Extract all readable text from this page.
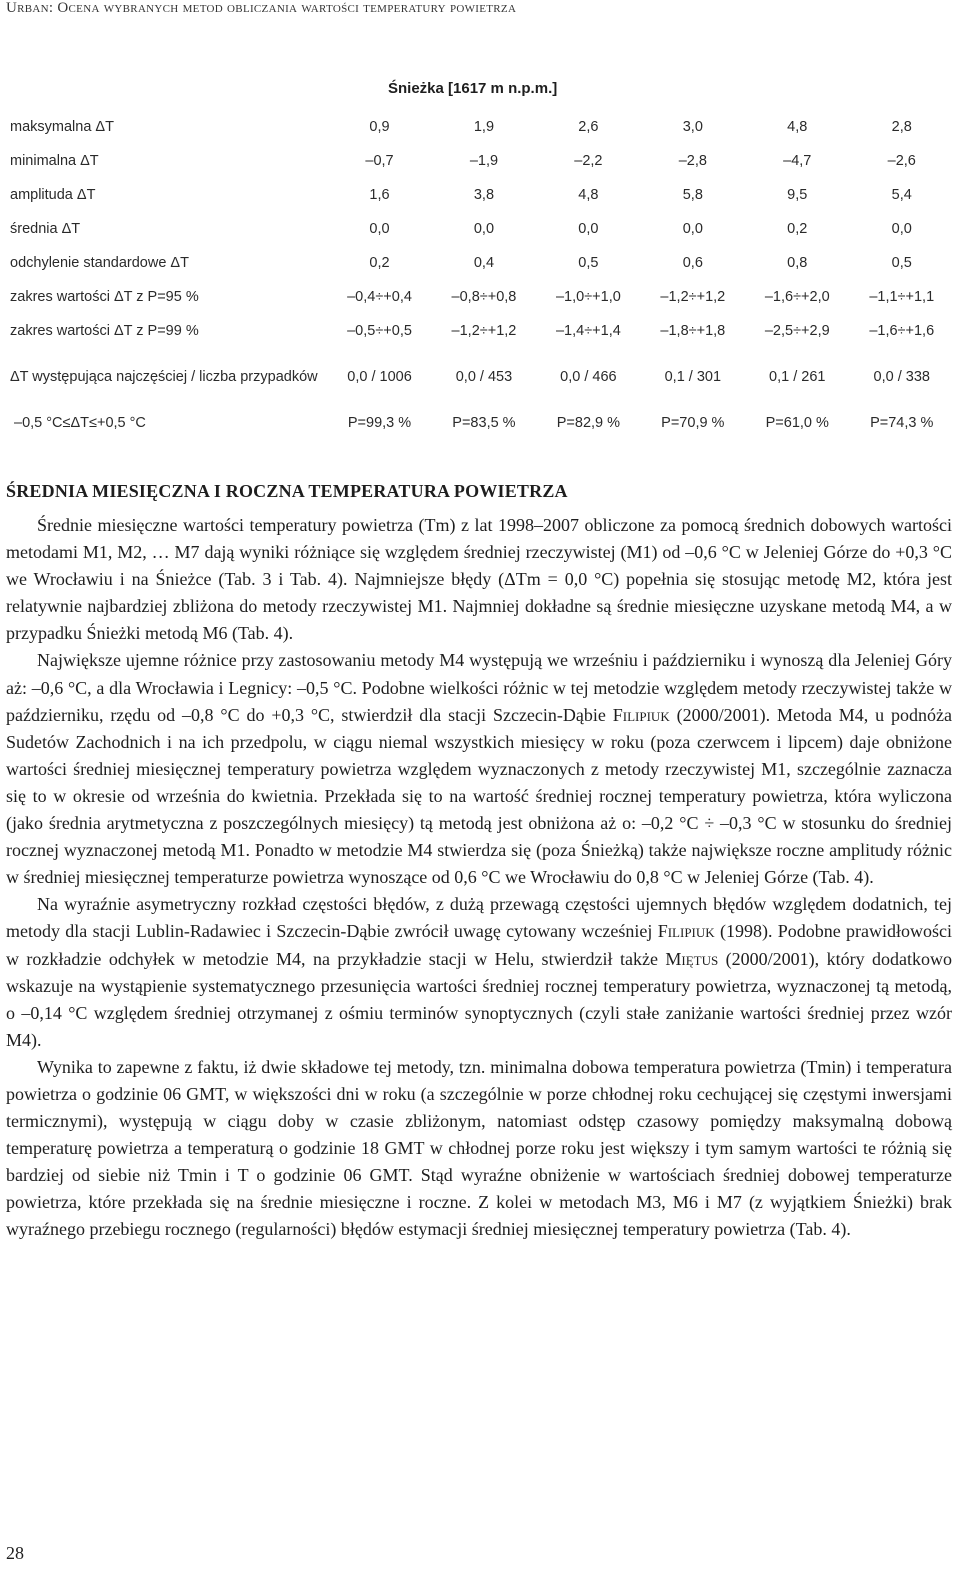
Urban: Ocena wybranych metod obliczania wartości temperatury powietrza
Śnieżka [1617 m n.p.m.]
maksymalna ΔT	0,9	1,9	2,6	3,0	4,8	2,8
minimalna ΔT	–0,7	–1,9	–2,2	–2,8	–4,7	–2,6
amplituda ΔT	1,6	3,8	4,8	5,8	9,5	5,4
średnia ΔT	0,0	0,0	0,0	0,0	0,2	0,0
odchylenie standardowe ΔT	0,2	0,4	0,5	0,6	0,8	0,5
zakres wartości ΔT z P=95 %	–0,4÷+0,4	–0,8÷+0,8	–1,0÷+1,0	–1,2÷+1,2	–1,6÷+2,0	–1,1÷+1,1
zakres wartości ΔT z P=99 %	–0,5÷+0,5	–1,2÷+1,2	–1,4÷+1,4	–1,8÷+1,8	–2,5÷+2,9	–1,6÷+1,6
ΔT występująca najczęściej / liczba przypadków	0,0 / 1006	0,0 / 453	0,0 / 466	0,1 / 301	0,1 / 261	0,0 / 338
–0,5 °C≤ΔT≤+0,5 °C	P=99,3 %	P=83,5 %	P=82,9 %	P=70,9 %	P=61,0 %	P=74,3 %
ŚREDNIA MIESIĘCZNA I ROCZNA TEMPERATURA POWIETRZA

Średnie miesięczne wartości temperatury powietrza (Tm) z lat 1998–2007 obliczone za pomocą średnich dobowych wartości metodami M1, M2, … M7 dają wyniki różniące się względem średniej rzeczywistej (M1) od –0,6 °C w Jeleniej Górze do +0,3 °C we Wrocławiu i na Śnieżce (Tab. 3 i Tab. 4). Najmniejsze błędy (ΔTm = 0,0 °C) popełnia się stosując metodę M2, która jest relatywnie najbardziej zbliżona do metody rzeczywistej M1. Najmniej dokładne są średnie miesięczne uzyskane metodą M4, a w przypadku Śnieżki metodą M6 (Tab. 4).

Największe ujemne różnice przy zastosowaniu metody M4 występują we wrześniu i październiku i wynoszą dla Jeleniej Góry aż: –0,6 °C, a dla Wrocławia i Legnicy: –0,5 °C. Podobne wielkości różnic w tej metodzie względem metody rzeczywistej także w październiku, rzędu od –0,8 °C do +0,3 °C, stwierdził dla stacji Szczecin-Dąbie Filipiuk (2000/2001). Metoda M4, u podnóża Sudetów Zachodnich i na ich przedpolu, w ciągu niemal wszystkich miesięcy w roku (poza czerwcem i lipcem) daje obniżone wartości średniej miesięcznej temperatury powietrza względem wyznaczonych z metody rzeczywistej M1, szczególnie zaznacza się to w okresie od września do kwietnia. Przekłada się to na wartość średniej rocznej temperatury powietrza, która wyliczona (jako średnia arytmetyczna z poszczególnych miesięcy) tą metodą jest obniżona aż o: –0,2 °C ÷ –0,3 °C w stosunku do średniej rocznej wyznaczonej metodą M1. Ponadto w metodzie M4 stwierdza się (poza Śnieżką) także największe roczne amplitudy różnic w średniej miesięcznej temperaturze powietrza wynoszące od 0,6 °C we Wrocławiu do 0,8 °C w Jeleniej Górze (Tab. 4).

Na wyraźnie asymetryczny rozkład częstości błędów, z dużą przewagą częstości ujemnych błędów względem dodatnich, tej metody dla stacji Lublin-Radawiec i Szczecin-Dąbie zwrócił uwagę cytowany wcześniej Filipiuk (1998). Podobne prawidłowości w rozkładzie odchyłek w metodzie M4, na przykładzie stacji w Helu, stwierdził także Miętus (2000/2001), który dodatkowo wskazuje na wystąpienie systematycznego przesunięcia wartości średniej rocznej temperatury powietrza, wyznaczonej tą metodą, o –0,14 °C względem średniej otrzymanej z ośmiu terminów synoptycznych (czyli stałe zaniżanie wartości średniej przez wzór M4).

Wynika to zapewne z faktu, iż dwie składowe tej metody, tzn. minimalna dobowa temperatura powietrza (Tmin) i temperatura powietrza o godzinie 06 GMT, w większości dni w roku (a szczególnie w porze chłodnej roku cechującej się częstymi inwersjami termicznymi), występują w ciągu doby w czasie zbliżonym, natomiast odstęp czasowy pomiędzy maksymalną dobową temperaturę powietrza a temperaturą o godzinie 18 GMT w chłodnej porze roku jest większy i tym samym wartości te różnią się bardziej od siebie niż Tmin i T o godzinie 06 GMT. Stąd wyraźne obniżenie w wartościach średniej dobowej temperaturze powietrza, które przekłada się na średnie miesięczne i roczne. Z kolei w metodach M3, M6 i M7 (z wyjątkiem Śnieżki) brak wyraźnego przebiegu rocznego (regularności) błędów estymacji średniej miesięcznej temperatury powietrza (Tab. 4).

28
